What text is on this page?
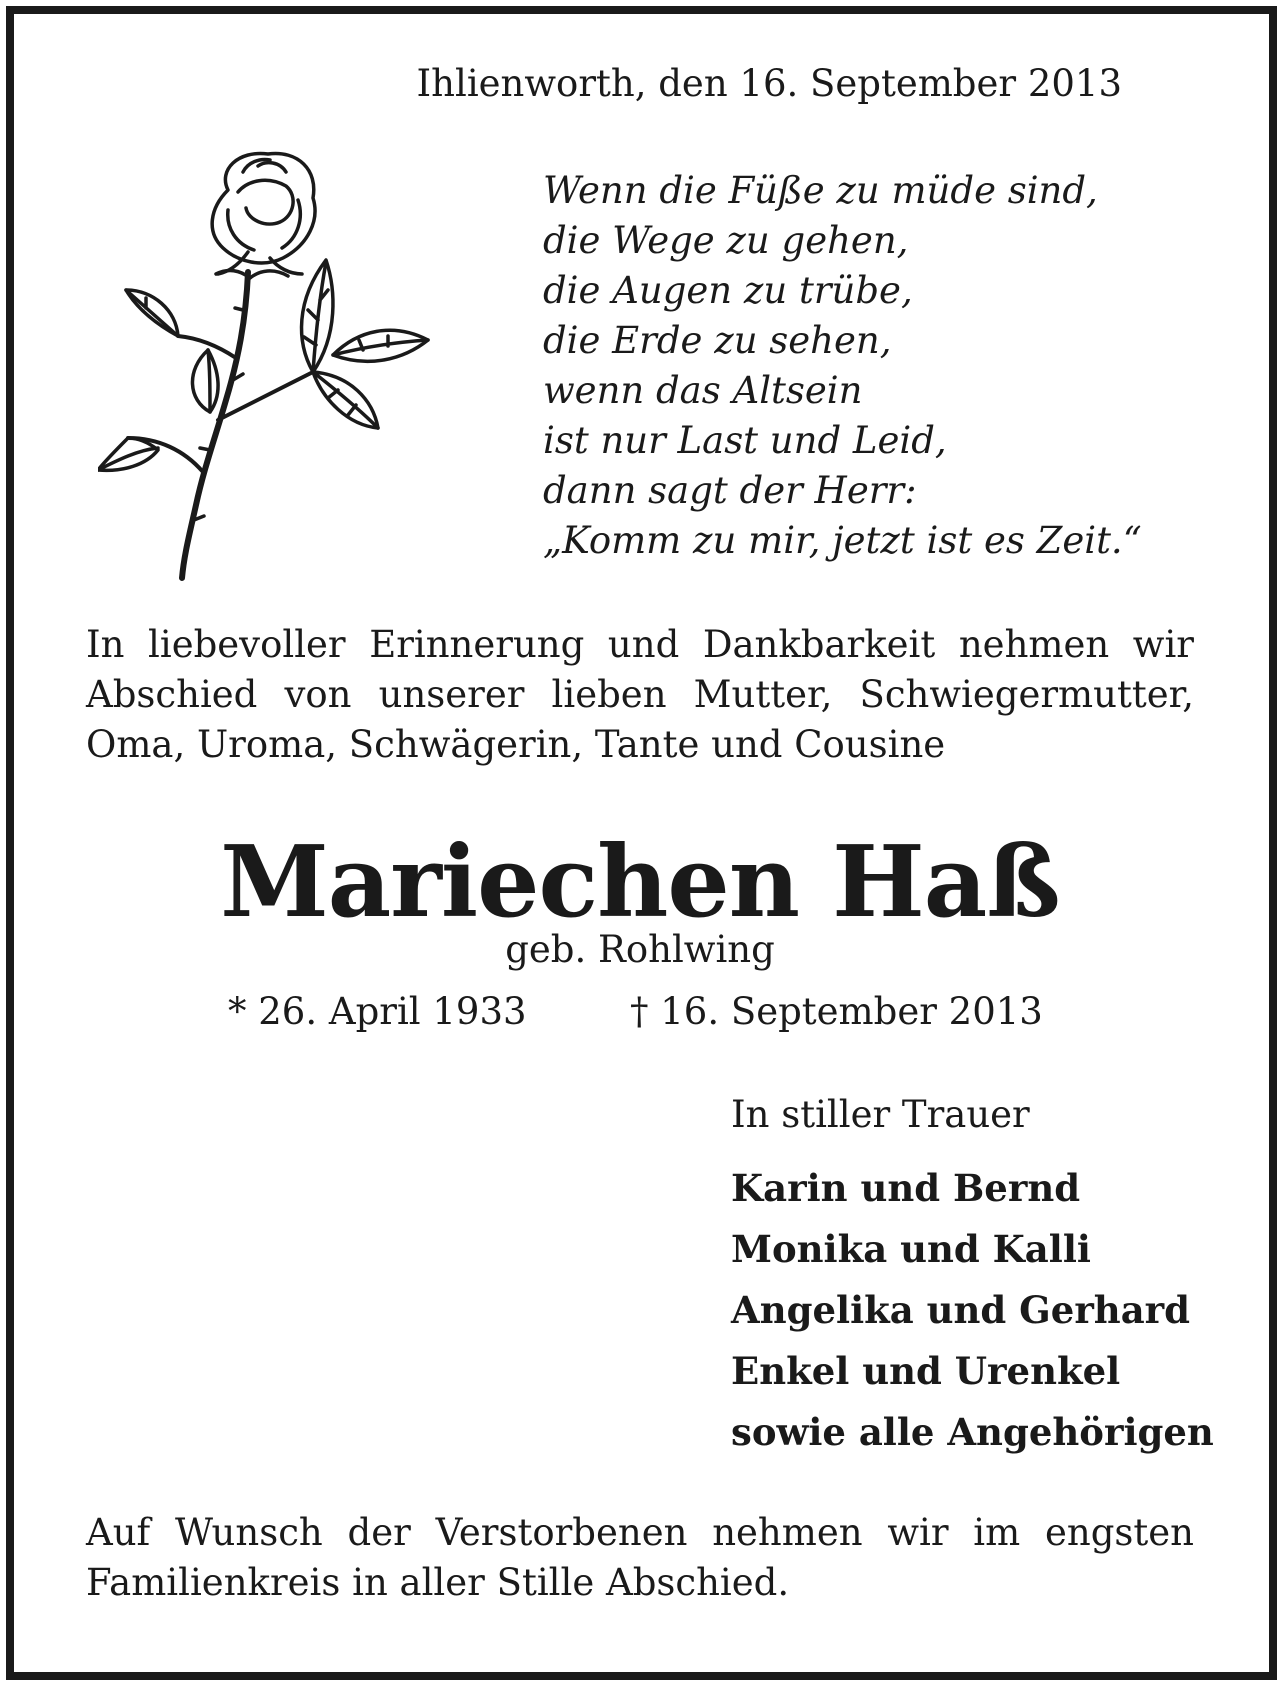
Ihlienworth, den 16. September 2013
Wenn die Füße zu müde sind,
die Wege zu gehen,
die Augen zu trübe,
die Erde zu sehen,
wenn das Altsein
ist nur Last und Leid,
dann sagt der Herr:
„Komm zu mir, jetzt ist es Zeit.“
In liebevoller Erinnerung und Dankbarkeit nehmen wir
Abschied von unserer lieben Mutter, Schwiegermutter,
Oma, Uroma, Schwägerin, Tante und Cousine
Mariechen Haß
geb. Rohlwing
* 26. April 1933	† 16. September 2013
In stiller Trauer
Karin und Bernd
Monika und Kalli
Angelika und Gerhard
Enkel und Urenkel
sowie alle Angehörigen
Auf Wunsch der Verstorbenen nehmen wir im engsten
Familienkreis in aller Stille Abschied.
